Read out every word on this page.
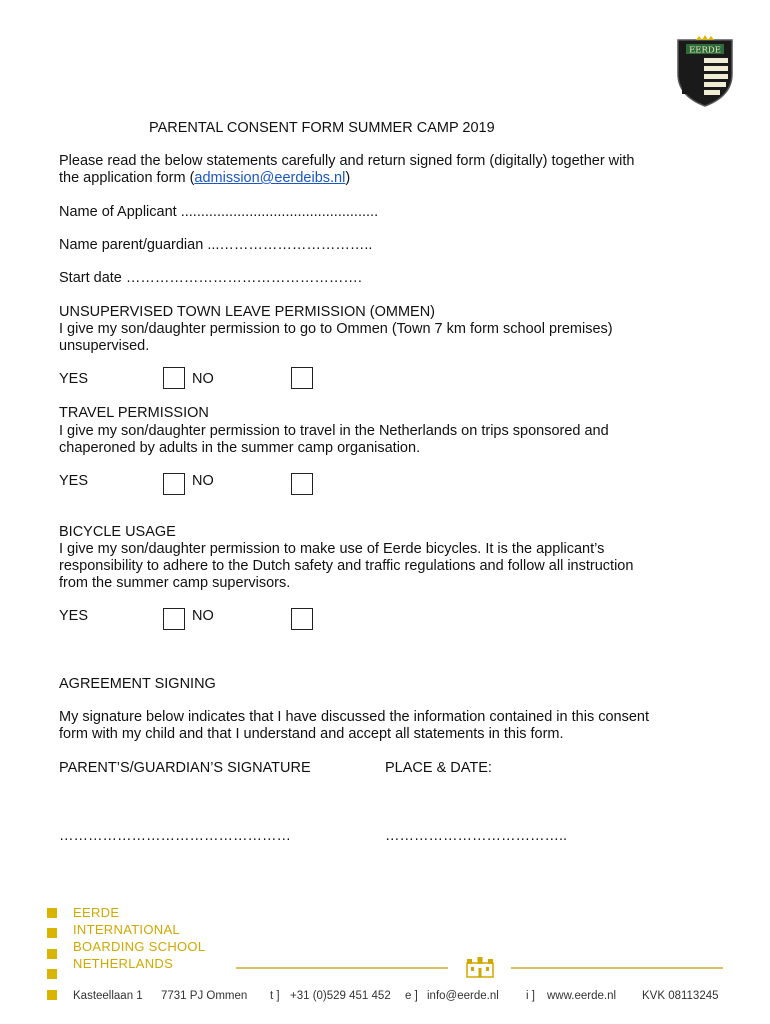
EERDE
PARENTAL CONSENT FORM SUMMER CAMP 2019
Please read the below statements carefully and return signed form (digitally) together with
the application form (admission@eerdeibs.nl)
Name of Applicant .................................................
Name parent/guardian ...…………………………..
Start date ………………………………………….
UNSUPERVISED TOWN LEAVE PERMISSION (OMMEN)
I give my son/daughter permission to go to Ommen (Town 7 km form school premises)
unsupervised.
YES	NO
TRAVEL PERMISSION
I give my son/daughter permission to travel in the Netherlands on trips sponsored and
chaperoned by adults in the summer camp organisation.
YES	NO
BICYCLE USAGE
I give my son/daughter permission to make use of Eerde bicycles. It is the applicant’s
responsibility to adhere to the Dutch safety and traffic regulations and follow all instruction
from the summer camp supervisors.
YES	NO
AGREEMENT SIGNING
My signature below indicates that I have discussed the information contained in this consent
form with my child and that I understand and accept all statements in this form.
PARENT’S/GUARDIAN’S SIGNATURE	PLACE & DATE:
…………………………………………	………………………………..
EERDE
INTERNATIONAL
BOARDING SCHOOL
NETHERLANDS
Kasteellaan 1 7731 PJ Ommen t ] +31 (0)529 451 452 e ] info@eerde.nl i ] www.eerde.nl KVK 08113245
